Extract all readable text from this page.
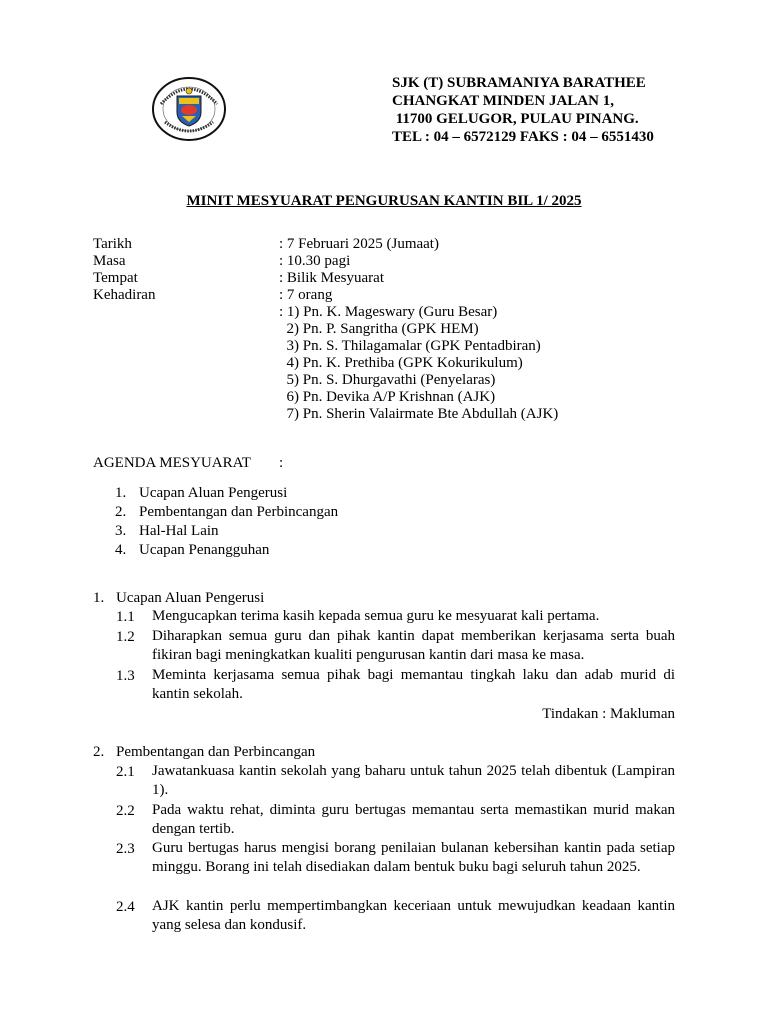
SJK (T) SUBRAMANIYA BARATHEE
CHANGKAT MINDEN JALAN 1,
11700 GELUGOR, PULAU PINANG.
TEL : 04 – 6572129 FAKS : 04 – 6551430
MINIT MESYUARAT PENGURUSAN KANTIN BIL 1/ 2025
Tarikh	: 7 Februari 2025 (Jumaat)
Masa	: 10.30 pagi
Tempat	: Bilik Mesyuarat
Kehadiran	: 7 orang
: 1) Pn. K. Mageswary (Guru Besar)
2) Pn. P. Sangritha (GPK HEM)
3) Pn. S. Thilagamalar (GPK Pentadbiran)
4) Pn. K. Prethiba (GPK Kokurikulum)
5) Pn. S. Dhurgavathi (Penyelaras)
6) Pn. Devika A/P Krishnan (AJK)
7) Pn. Sherin Valairmate Bte Abdullah (AJK)
AGENDA MESYUARAT :
1. Ucapan Aluan Pengerusi
2. Pembentangan dan Perbincangan
3. Hal-Hal Lain
4. Ucapan Penangguhan
1. Ucapan Aluan Pengerusi
1.1 Mengucapkan terima kasih kepada semua guru ke mesyuarat kali pertama.
1.2 Diharapkan semua guru dan pihak kantin dapat memberikan kerjasama serta buah fikiran bagi meningkatkan kualiti pengurusan kantin dari masa ke masa.
1.3 Meminta kerjasama semua pihak bagi memantau tingkah laku dan adab murid di kantin sekolah.
Tindakan : Makluman
2. Pembentangan dan Perbincangan
2.1 Jawatankuasa kantin sekolah yang baharu untuk tahun 2025 telah dibentuk (Lampiran 1).
2.2 Pada waktu rehat, diminta guru bertugas memantau serta memastikan murid makan dengan tertib.
2.3 Guru bertugas harus mengisi borang penilaian bulanan kebersihan kantin pada setiap minggu. Borang ini telah disediakan dalam bentuk buku bagi seluruh tahun 2025.
2.4 AJK kantin perlu mempertimbangkan keceriaan untuk mewujudkan keadaan kantin yang selesa dan kondusif.
